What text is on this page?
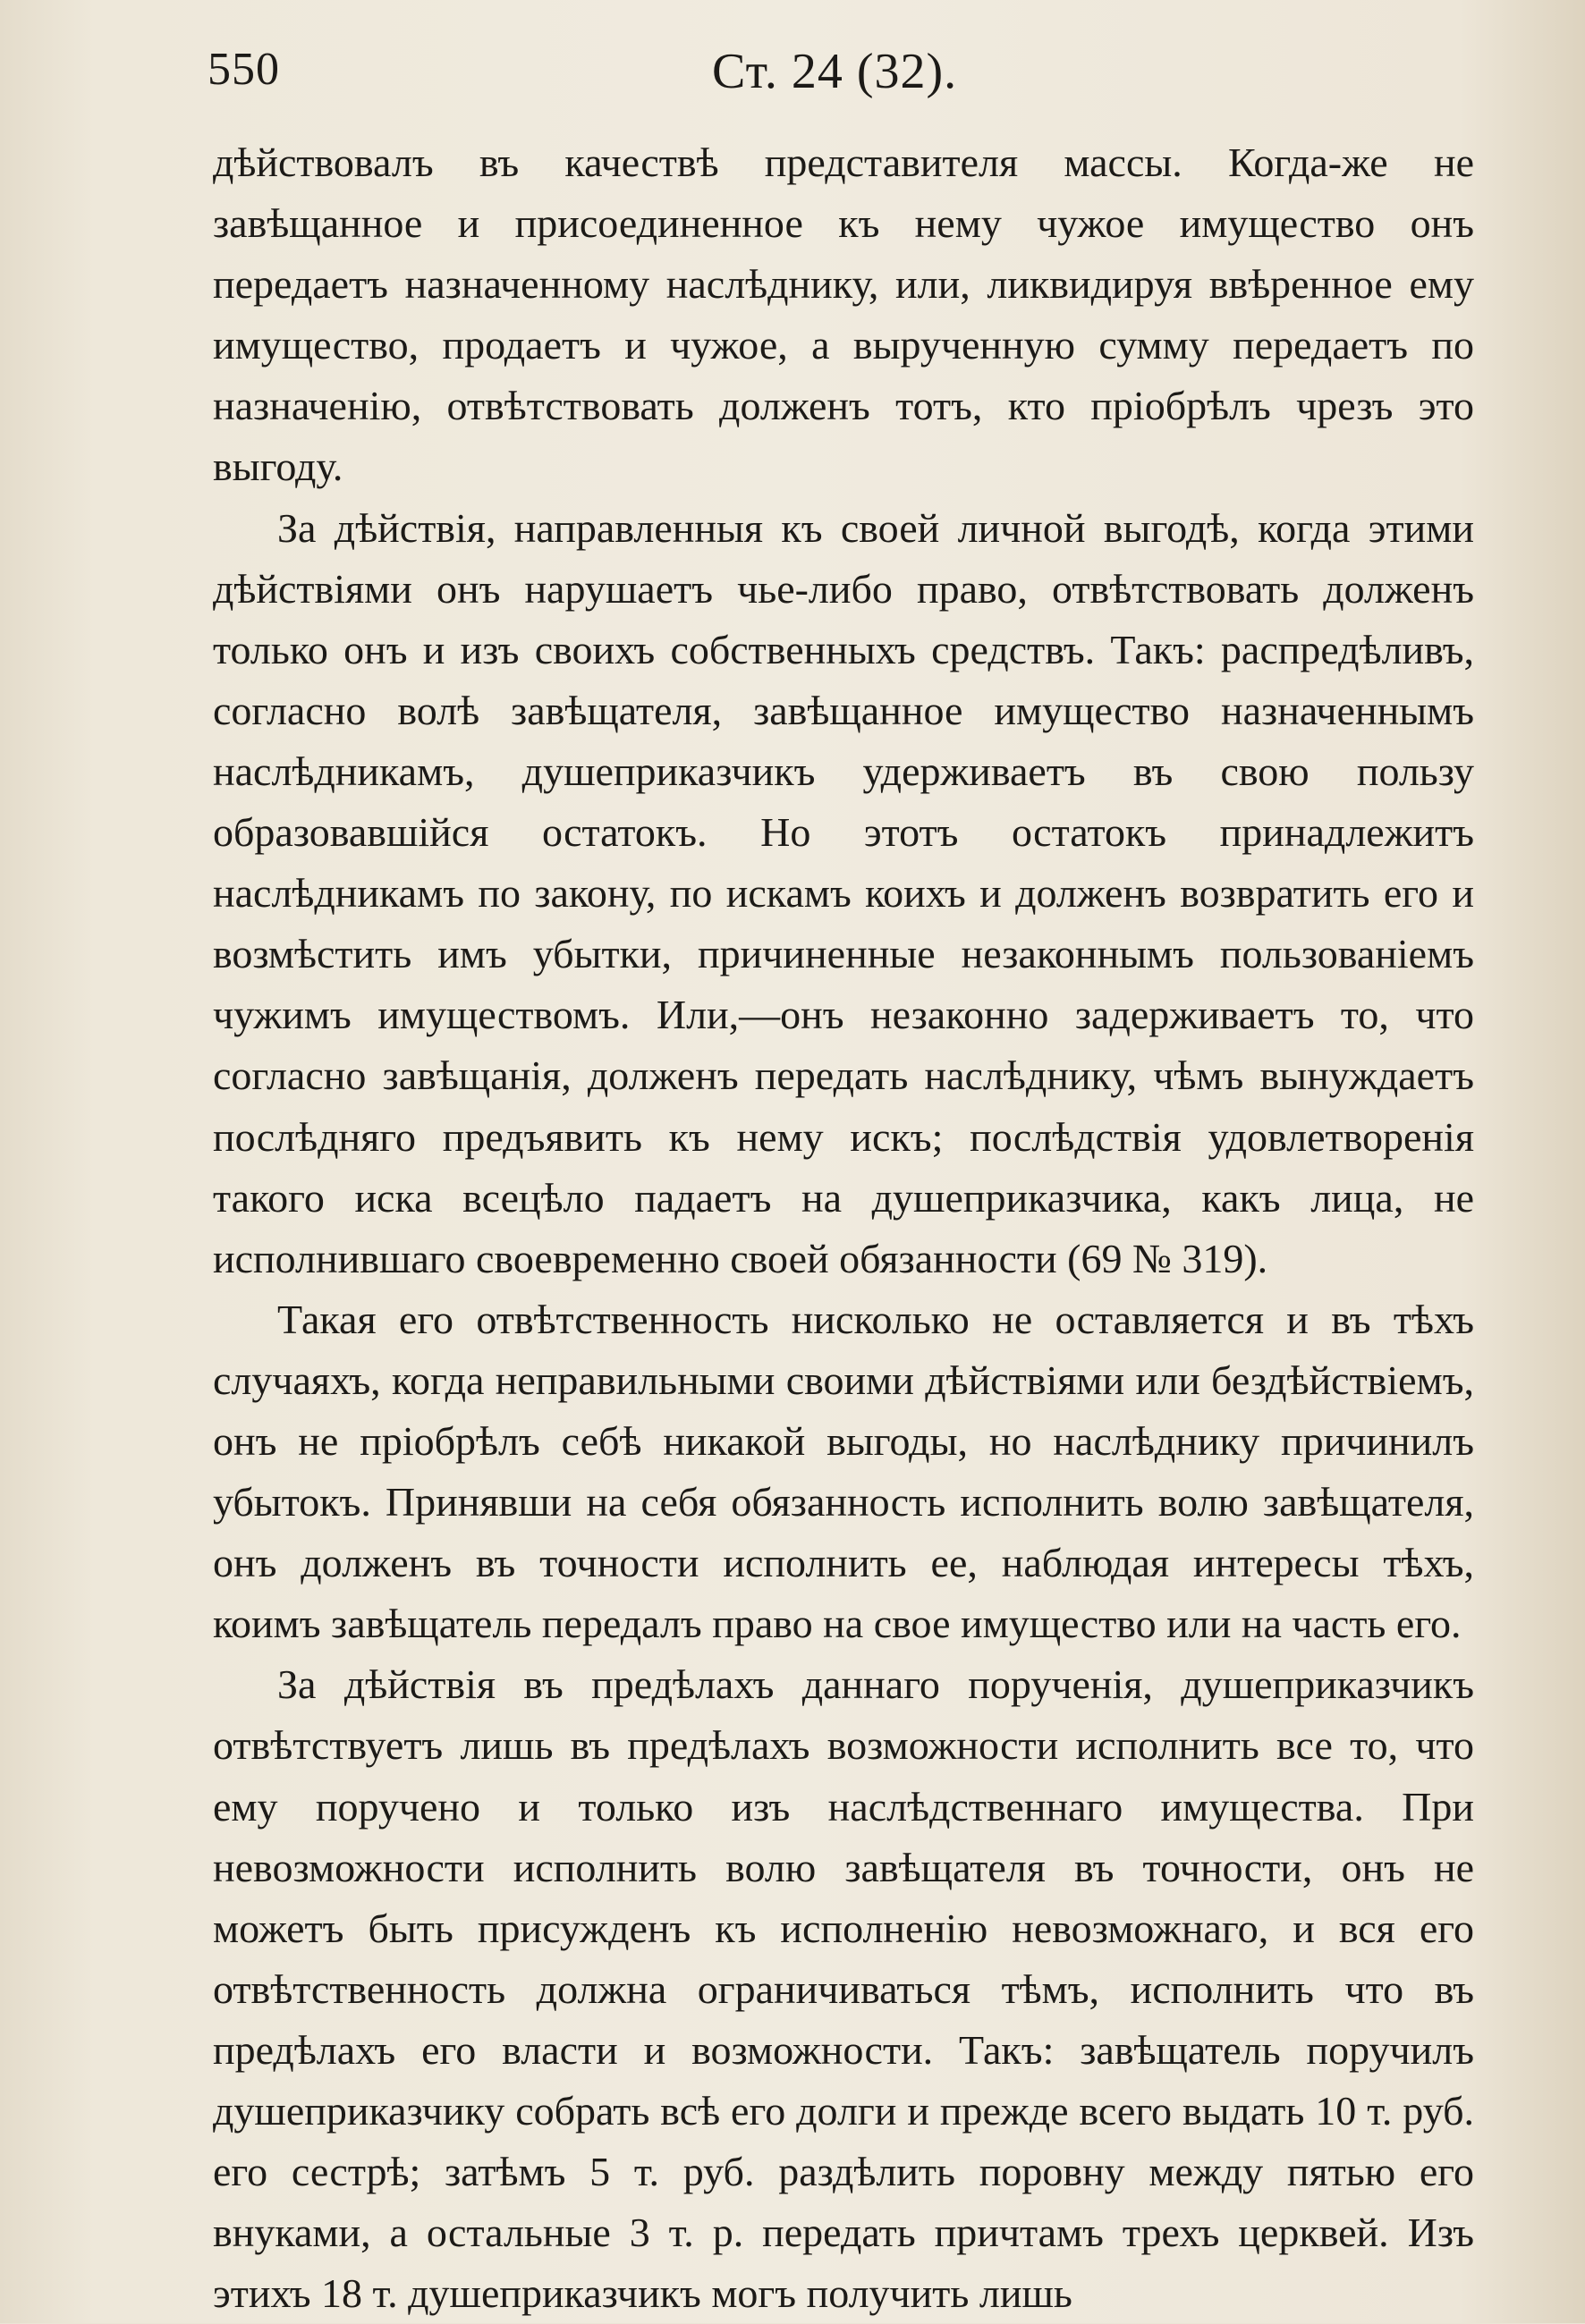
550	Ст. 24 (32).

дѣйствовалъ въ качествѣ представителя массы. Когда-же не завѣщанное и присоединенное къ нему чужое имущество онъ передаетъ назначенному наслѣднику, или, ликвидируя ввѣренное ему имущество, продаетъ и чужое, а вырученную сумму передаетъ по назначенію, отвѣтствовать долженъ тотъ, кто пріобрѣлъ чрезъ это выгоду.

За дѣйствія, направленныя къ своей личной выгодѣ, когда этими дѣйствіями онъ нарушаетъ чье-либо право, отвѣтствовать долженъ только онъ и изъ своихъ собственныхъ средствъ. Такъ: распредѣливъ, согласно волѣ завѣщателя, завѣщанное имущество назначеннымъ наслѣдникамъ, душеприказчикъ удерживаетъ въ свою пользу образовавшійся остатокъ. Но этотъ остатокъ принадлежитъ наслѣдникамъ по закону, по искамъ коихъ и долженъ возвратить его и возмѣстить имъ убытки, причиненные незаконнымъ пользованіемъ чужимъ имуществомъ. Или,—онъ незаконно задерживаетъ то, что согласно завѣщанія, долженъ передать наслѣднику, чѣмъ вынуждаетъ послѣдняго предъявить къ нему искъ; послѣдствія удовлетворенія такого иска всецѣло падаетъ на душеприказчика, какъ лица, не исполнившаго своевременно своей обязанности (69 № 319).

Такая его отвѣтственность нисколько не оставляется и въ тѣхъ случаяхъ, когда неправильными своими дѣйствіями или бездѣйствіемъ, онъ не пріобрѣлъ себѣ никакой выгоды, но наслѣднику причинилъ убытокъ. Принявши на себя обязанность исполнить волю завѣщателя, онъ долженъ въ точности исполнить ее, наблюдая интересы тѣхъ, коимъ завѣщатель передалъ право на свое имущество или на часть его.

За дѣйствія въ предѣлахъ даннаго порученія, душеприказчикъ отвѣтствуетъ лишь въ предѣлахъ возможности исполнить все то, что ему поручено и только изъ наслѣдственнаго имущества. При невозможности исполнить волю завѣщателя въ точности, онъ не можетъ быть присужденъ къ исполненію невозможнаго, и вся его отвѣтственность должна ограничиваться тѣмъ, исполнить что въ предѣлахъ его власти и возможности. Такъ: завѣщатель поручилъ душеприказчику собрать всѣ его долги и прежде всего выдать 10 т. руб. его сестрѣ; затѣмъ 5 т. руб. раздѣлить поровну между пятью его внуками, а остальные 3 т. р. передать причтамъ трехъ церквей. Изъ этихъ 18 т. душеприказчикъ могъ получить лишь
